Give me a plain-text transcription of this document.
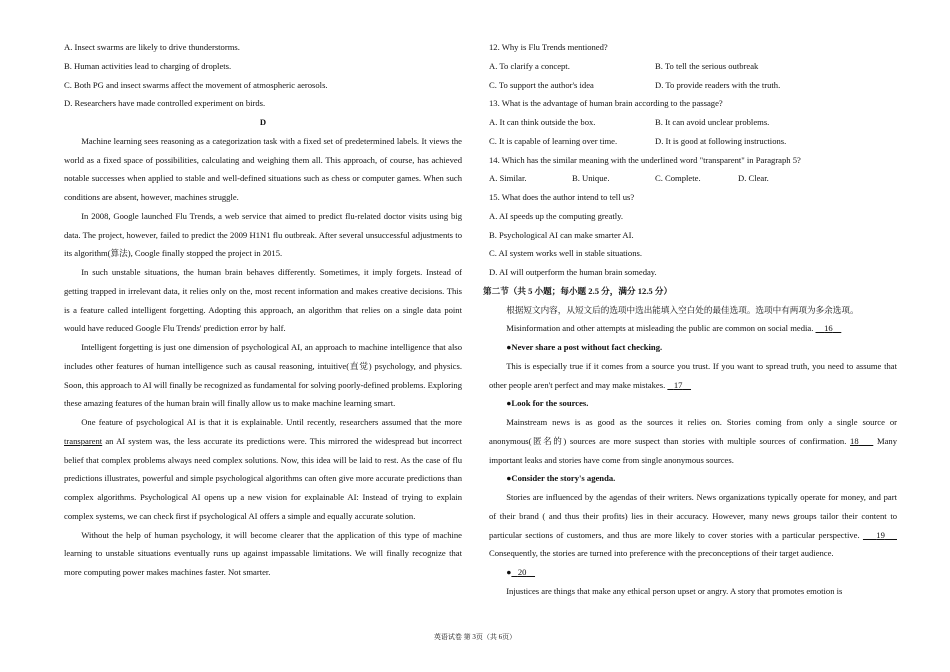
A. Insect swarms are likely to drive thunderstorms.

B. Human activities lead to charging of droplets.

C. Both PG and insect swarms affect the movement of atmospheric aerosols.

D. Researchers have made controlled experiment on birds.

D

Machine learning sees reasoning as a categorization task with a fixed set of predetermined labels. It views the world as a fixed space of possibilities, calculating and weighing them all. This approach, of course, has achieved notable successes when applied to stable and well-defined situations such as chess or computer games. When such conditions are absent, however, machines struggle.

In 2008, Google launched Flu Trends, a web service that aimed to predict flu-related doctor visits using big data. The project, however, failed to predict the 2009 H1N1 flu outbreak. After several unsuccessful adjustments to its algorithm(算法), Coogle finally stopped the project in 2015.

In such unstable situations, the human brain behaves differently. Sometimes, it imply forgets. Instead of getting trapped in irrelevant data, it relies only on the, most recent information and makes creative decisions. This is a feature called intelligent forgetting. Adopting this approach, an algorithm that relies on a single data point would have reduced Google Flu Trends' prediction error by half.

Intelligent forgetting is just one dimension of psychological AI, an approach to machine intelligence that also includes other features of human intelligence such as causal reasoning, intuitive(直觉) psychology, and physics. Soon, this approach to AI will finally be recognized as fundamental for solving poorly-defined problems. Exploring these amazing features of the human brain will finally allow us to make machine learning smart.

One feature of psychological AI is that it is explainable. Until recently, researchers assumed that the more transparent an AI system was, the less accurate its predictions were. This mirrored the widespread but incorrect belief that complex problems always need complex solutions. Now, this idea will be laid to rest. As the case of flu predictions illustrates, powerful and simple psychological algorithms can often give more accurate predictions than complex algorithms. Psychological AI opens up a new vision for explainable AI: Instead of trying to explain complex systems, we can check first if psychological AI offers a simple and equally accurate solution.

Without the help of human psychology, it will become clearer that the application of this type of machine learning to unstable situations eventually runs up against impassable limitations. We will finally recognize that more computing power makes machines faster. Not smarter.

12. Why is Flu Trends mentioned?

A. To clarify a concept.	B. To tell the serious outbreak

C. To support the author's idea	D. To provide readers with the truth.

13. What is the advantage of human brain according to the passage?

A. It can think outside the box.	B. It can avoid unclear problems.

C. It is capable of learning over time.	D. It is good at following instructions.

14. Which has the similar meaning with the underlined word "transparent" in Paragraph 5?

A. Similar.	B. Unique.	C. Complete.	D. Clear.

15. What does the author intend to tell us?

A. AI speeds up the computing greatly.

B. Psychological AI can make smarter AI.

C. AI system works well in stable situations.

D. AI will outperform the human brain someday.

第二节（共 5 小题；每小题 2.5 分，满分 12.5 分）

根据短文内容，从短文后的选项中选出能填入空白处的最佳选项。选项中有两项为多余选项。

Misinformation and other attempts at misleading the public are common on social media. 16

●Never share a post without fact checking.

This is especially true if it comes from a source you trust. If you want to spread truth, you need to assume that other people aren't perfect and may make mistakes. 17

●Look for the sources.

Mainstream news is as good as the sources it relies on. Stories coming from only a single source or anonymous(匿名的) sources are more suspect than stories with multiple sources of confirmation. 18 Many important leaks and stories have come from single anonymous sources.

●Consider the story's agenda.

Stories are influenced by the agendas of their writers. News organizations typically operate for money, and part of their brand ( and thus their profits) lies in their accuracy. However, many news groups tailor their content to particular sections of customers, and thus are more likely to cover stories with a particular perspective. 19     Consequently, the stories are turned into preference with the preconceptions of their target audience.

● 20

Injustices are things that make any ethical person upset or angry. A story that promotes emotion is

英语试卷 第 3页（共 6页）
